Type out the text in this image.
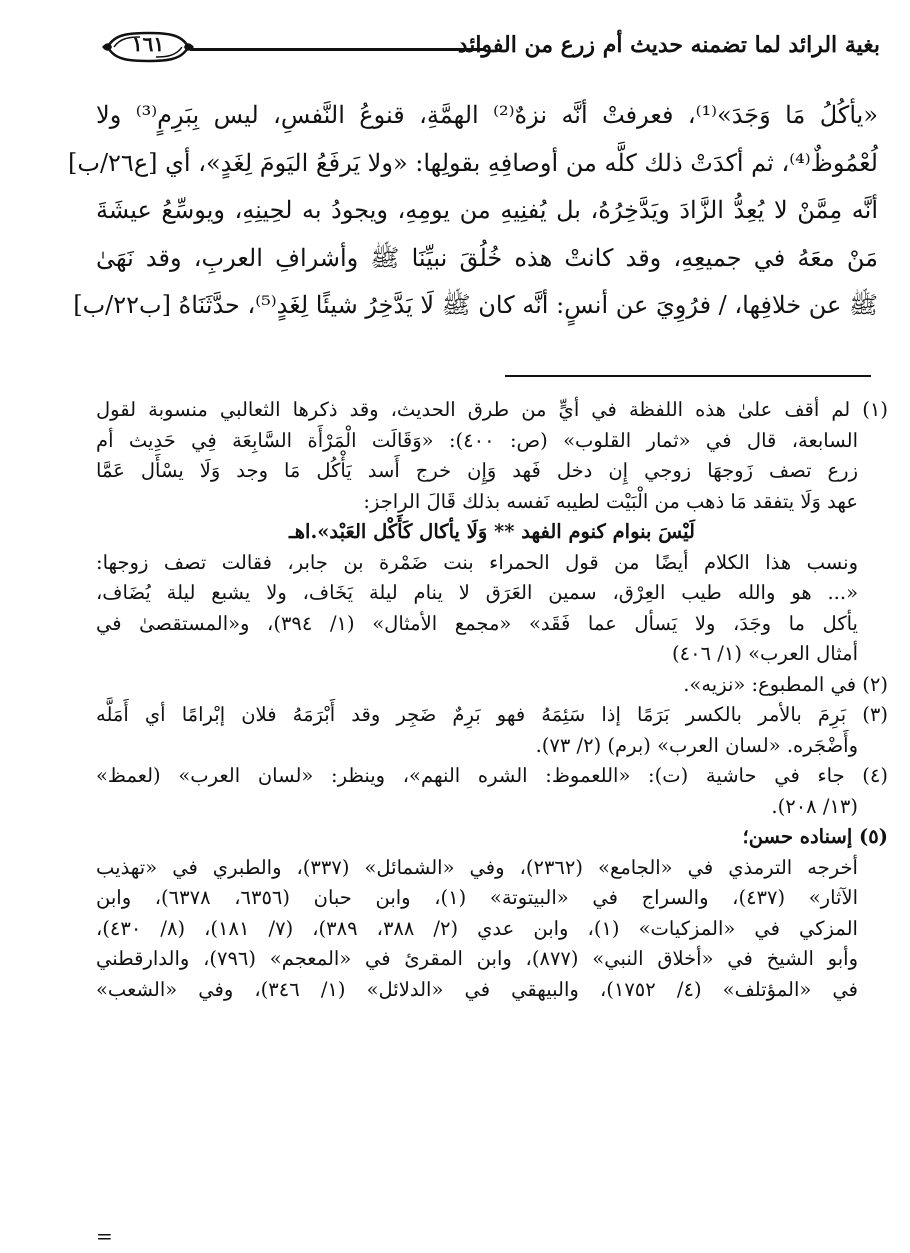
١٦١	بغية الرائد لما تضمنه حديث أم زرع من الفوائد

«يأكُلُ مَا وَجَدَ»⁽¹⁾، فعرفتْ أنَّه نزهٌ⁽²⁾ الهمَّةِ، قنوعُ النَّفسِ، ليس بِبَرِمٍ⁽³⁾ ولا

لُعْمُوظٌ⁽⁴⁾، ثم أكدَتْ ذلك كلَّه من أوصافِهِ بقولِها: «ولا يَرفَعُ اليَومَ لِغَدٍ»، أي [ع٢٦/ب]

أنَّه مِمَّنْ لا يُعِدُّ الزَّادَ ويَدَّخِرُهُ، بل يُفنِيهِ من يومِهِ، ويجودُ به لحِينِهِ، ويوسِّعُ عيشَةَ

مَنْ معَهُ في جميعِهِ، وقد كانتْ هذه خُلُقَ نبيِّنَا ﷺ وأشرافِ العربِ، وقد نَهَىٰ

ﷺ عن خلافِها، / فرُوِيَ عن أنسٍ: أنَّه كان ﷺ لَا يَدَّخِرُ شيئًا لِغَدٍ⁽⁵⁾، حدَّثَنَاهُ [ب٢٢/ب]

(١) لم أقف علىٰ هذه اللفظة في أيٍّ من طرق الحديث، وقد ذكرها الثعالبي منسوبة لقول

السابعة، قال في «ثمار القلوب» (ص: ٤٠٠): «وَقَالَت الْمَرْأَة السَّابِعَة فِي حَدِيث أم

زرع تصف زَوجهَا زوجي إِن دخل فَهد وَإِن خرج أَسد يَأْكُل مَا وجد وَلَا يسْأَل عَمَّا

عهد وَلَا يتفقد مَا ذهب من الْبَيْت لطيبه نَفسه بذلك قَالَ الراجز:

لَيْسَ بنوام كنوم الفهد ** وَلَا يأكال كَأَكْل العَبْد».اهـ

ونسب هذا الكلام أيضًا من قول الحمراء بنت ضَمْرة بن جابر، فقالت تصف زوجها:

«... هو والله طيب العِرْق، سمين العَرَق لا ينام ليلة يَخَاف، ولا يشبع ليلة يُضَاف،

يأكل ما وجَدَ، ولا يَسأل عما فَقَد» «مجمع الأمثال» (١/ ٣٩٤)، و«المستقصىٰ في

أمثال العرب» (١/ ٤٠٦)

(٢) في المطبوع: «نزيه».

(٣) بَرِمَ بالأمر بالكسر بَرَمًا إذا سَئِمَهُ فهو بَرِمٌ ضَجِر وقد أَبْرَمَهُ فلان إبْرامًا أي أَمَلَّه

وأَضْجَره. «لسان العرب» (برم) (٢/ ٧٣).

(٤) جاء في حاشية (ت): «اللعموظ: الشره النهم»، وينظر: «لسان العرب» (لعمظ»

(١٣/ ٢٠٨).

(٥) إسناده حسن؛

أخرجه الترمذي في «الجامع» (٢٣٦٢)، وفي «الشمائل» (٣٣٧)، والطبري في «تهذيب

الآثار» (٤٣٧)، والسراج في «البيتوتة» (١)، وابن حبان (٦٣٥٦، ٦٣٧٨)، وابن

المزكي في «المزكيات» (١)، وابن عدي (٢/ ٣٨٨، ٣٨٩)، (٧/ ١٨١)، (٨/ ٤٣٠)،

وأبو الشيخ في «أخلاق النبي» (٨٧٧)، وابن المقرئ في «المعجم» (٧٩٦)، والدارقطني

في «المؤتلف» (٤/ ١٧٥٢)، والبيهقي في «الدلائل» (١/ ٣٤٦)، وفي «الشعب»

=
